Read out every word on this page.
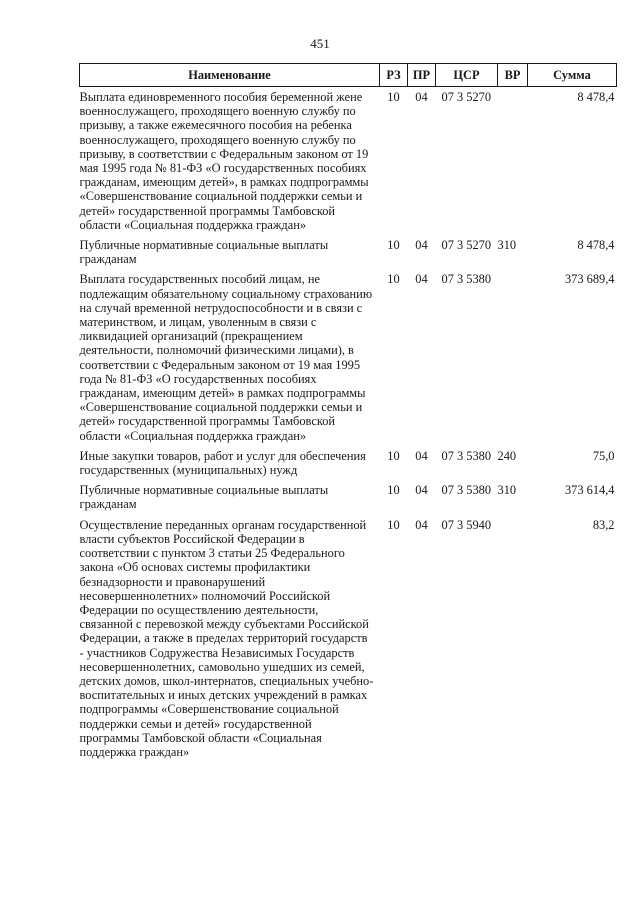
451
Наименование	РЗ	ПР	ЦСР	ВР	Сумма
Выплата единовременного пособия беременной жене военнослужащего, проходящего военную службу по призыву, а также ежемесячного пособия на ребенка военнослужащего, проходящего военную службу по призыву, в соответствии с Федеральным законом от 19 мая 1995 года № 81-ФЗ «О государственных пособиях гражданам, имеющим детей», в рамках подпрограммы «Совершенствование социальной поддержки семьи и детей» государственной программы Тамбовской области «Социальная поддержка граждан»	10	04	07 3 5270		8 478,4

Публичные нормативные социальные выплаты гражданам	10	04	07 3 5270	310	8 478,4

Выплата государственных пособий лицам, не подлежащим обязательному социальному страхованию на случай временной нетрудоспособности и в связи с материнством, и лицам, уволенным в связи с ликвидацией организаций (прекращением деятельности, полномочий физическими лицами), в соответствии с Федеральным законом от 19 мая 1995 года № 81-ФЗ «О государственных пособиях гражданам, имеющим детей» в рамках подпрограммы «Совершенствование социальной поддержки семьи и детей» государственной программы Тамбовской области «Социальная поддержка граждан»	10	04	07 3 5380		373 689,4

Иные закупки товаров, работ и услуг для обеспечения государственных (муниципальных) нужд	10	04	07 3 5380	240	75,0

Публичные нормативные социальные выплаты гражданам	10	04	07 3 5380	310	373 614,4

Осуществление переданных органам государственной власти субъектов Российской Федерации в соответствии с пунктом 3 статьи 25 Федерального закона «Об основах системы профилактики безнадзорности и правонарушений несовершеннолетних» полномочий Российской Федерации по осуществлению деятельности, связанной с перевозкой между субъектами Российской Федерации, а также в пределах территорий государств - участников Содружества Независимых Государств несовершеннолетних, самовольно ушедших из семей, детских домов, школ-интернатов, специальных учебно-воспитательных и иных детских учреждений в рамках подпрограммы «Совершенствование социальной поддержки семьи и детей» государственной программы Тамбовской области «Социальная поддержка граждан»	10	04	07 3 5940		83,2
